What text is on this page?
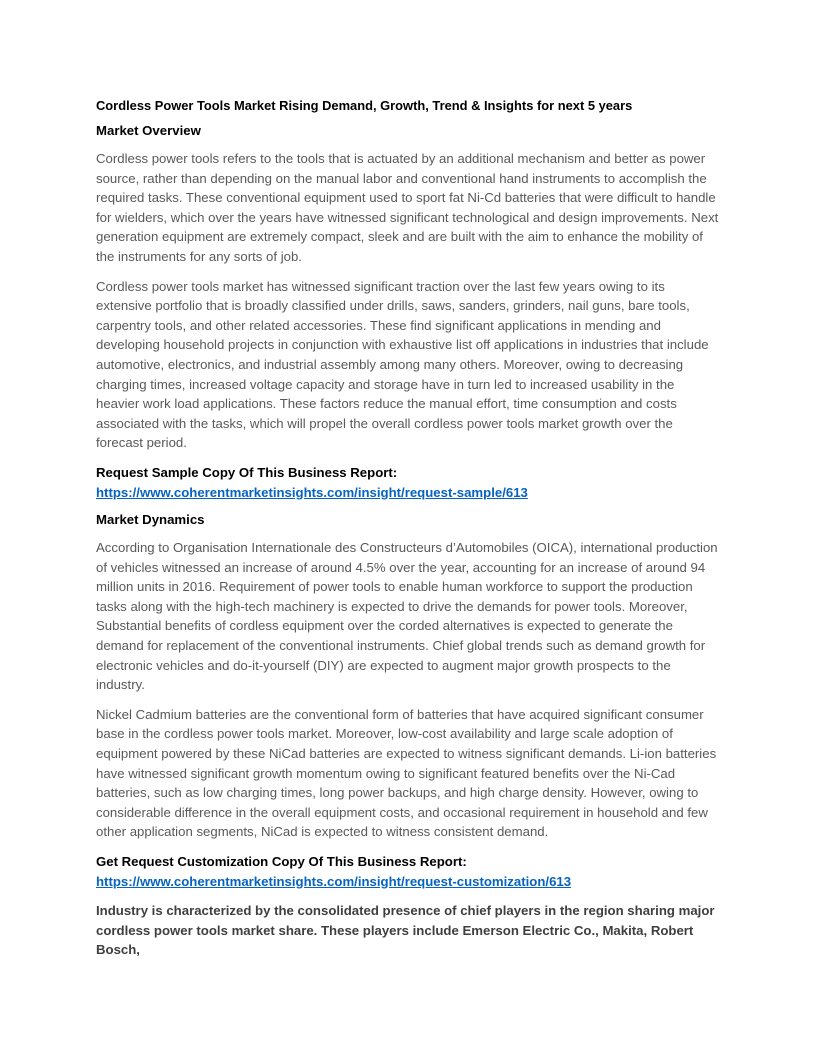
Cordless Power Tools Market Rising Demand, Growth, Trend & Insights for next 5 years

Market Overview

Cordless power tools refers to the tools that is actuated by an additional mechanism and better as power source, rather than depending on the manual labor and conventional hand instruments to accomplish the required tasks. These conventional equipment used to sport fat Ni-Cd batteries that were difficult to handle for wielders, which over the years have witnessed significant technological and design improvements. Next generation equipment are extremely compact, sleek and are built with the aim to enhance the mobility of the instruments for any sorts of job.

Cordless power tools market has witnessed significant traction over the last few years owing to its extensive portfolio that is broadly classified under drills, saws, sanders, grinders, nail guns, bare tools, carpentry tools, and other related accessories. These find significant applications in mending and developing household projects in conjunction with exhaustive list off applications in industries that include automotive, electronics, and industrial assembly among many others. Moreover, owing to decreasing charging times, increased voltage capacity and storage have in turn led to increased usability in the heavier work load applications. These factors reduce the manual effort, time consumption and costs associated with the tasks, which will propel the overall cordless power tools market growth over the forecast period.

Request Sample Copy Of This Business Report:
https://www.coherentmarketinsights.com/insight/request-sample/613

Market Dynamics

According to Organisation Internationale des Constructeurs d’Automobiles (OICA), international production of vehicles witnessed an increase of around 4.5% over the year, accounting for an increase of around 94 million units in 2016. Requirement of power tools to enable human workforce to support the production tasks along with the high-tech machinery is expected to drive the demands for power tools. Moreover, Substantial benefits of cordless equipment over the corded alternatives is expected to generate the demand for replacement of the conventional instruments. Chief global trends such as demand growth for electronic vehicles and do-it-yourself (DIY) are expected to augment major growth prospects to the industry.

Nickel Cadmium batteries are the conventional form of batteries that have acquired significant consumer base in the cordless power tools market. Moreover, low-cost availability and large scale adoption of equipment powered by these NiCad batteries are expected to witness significant demands. Li-ion batteries have witnessed significant growth momentum owing to significant featured benefits over the Ni-Cad batteries, such as low charging times, long power backups, and high charge density. However, owing to considerable difference in the overall equipment costs, and occasional requirement in household and few other application segments, NiCad is expected to witness consistent demand.

Get Request Customization Copy Of This Business Report:
https://www.coherentmarketinsights.com/insight/request-customization/613

Industry is characterized by the consolidated presence of chief players in the region sharing major cordless power tools market share. These players include Emerson Electric Co., Makita, Robert Bosch,
